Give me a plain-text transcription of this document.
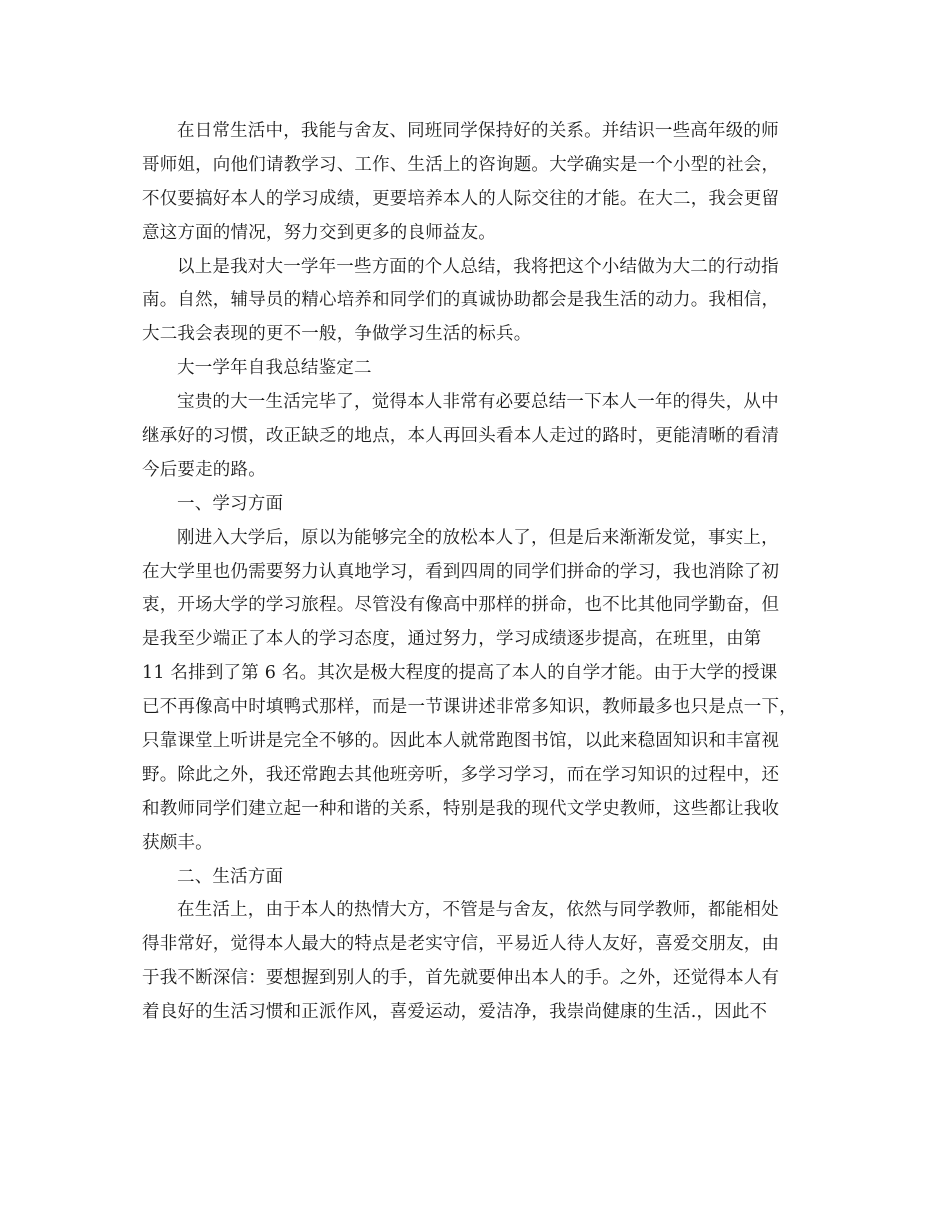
在日常生活中，我能与舍友、同班同学保持好的关系。并结识一些高年级的师
哥师姐，向他们请教学习、工作、生活上的咨询题。大学确实是一个小型的社会，
不仅要搞好本人的学习成绩，更要培养本人的人际交往的才能。在大二，我会更留
意这方面的情况，努力交到更多的良师益友。
以上是我对大一学年一些方面的个人总结，我将把这个小结做为大二的行动指
南。自然，辅导员的精心培养和同学们的真诚协助都会是我生活的动力。我相信，
大二我会表现的更不一般，争做学习生活的标兵。
大一学年自我总结鉴定二
宝贵的大一生活完毕了，觉得本人非常有必要总结一下本人一年的得失，从中
继承好的习惯，改正缺乏的地点，本人再回头看本人走过的路时，更能清晰的看清
今后要走的路。
一、学习方面
刚进入大学后，原以为能够完全的放松本人了，但是后来渐渐发觉，事实上，
在大学里也仍需要努力认真地学习，看到四周的同学们拼命的学习，我也消除了初
衷，开场大学的学习旅程。尽管没有像高中那样的拼命，也不比其他同学勤奋，但
是我至少端正了本人的学习态度，通过努力，学习成绩逐步提高，在班里，由第
11 名排到了第 6 名。其次是极大程度的提高了本人的自学才能。由于大学的授课
已不再像高中时填鸭式那样，而是一节课讲述非常多知识，教师最多也只是点一下，
只靠课堂上听讲是完全不够的。因此本人就常跑图书馆，以此来稳固知识和丰富视
野。除此之外，我还常跑去其他班旁听，多学习学习，而在学习知识的过程中，还
和教师同学们建立起一种和谐的关系，特别是我的现代文学史教师，这些都让我收
获颇丰。
二、生活方面
在生活上，由于本人的热情大方，不管是与舍友，依然与同学教师，都能相处
得非常好，觉得本人最大的特点是老实守信，平易近人待人友好，喜爱交朋友，由
于我不断深信：要想握到别人的手，首先就要伸出本人的手。之外，还觉得本人有
着良好的生活习惯和正派作风，喜爱运动，爱洁净，我崇尚健康的生活.，因此不
